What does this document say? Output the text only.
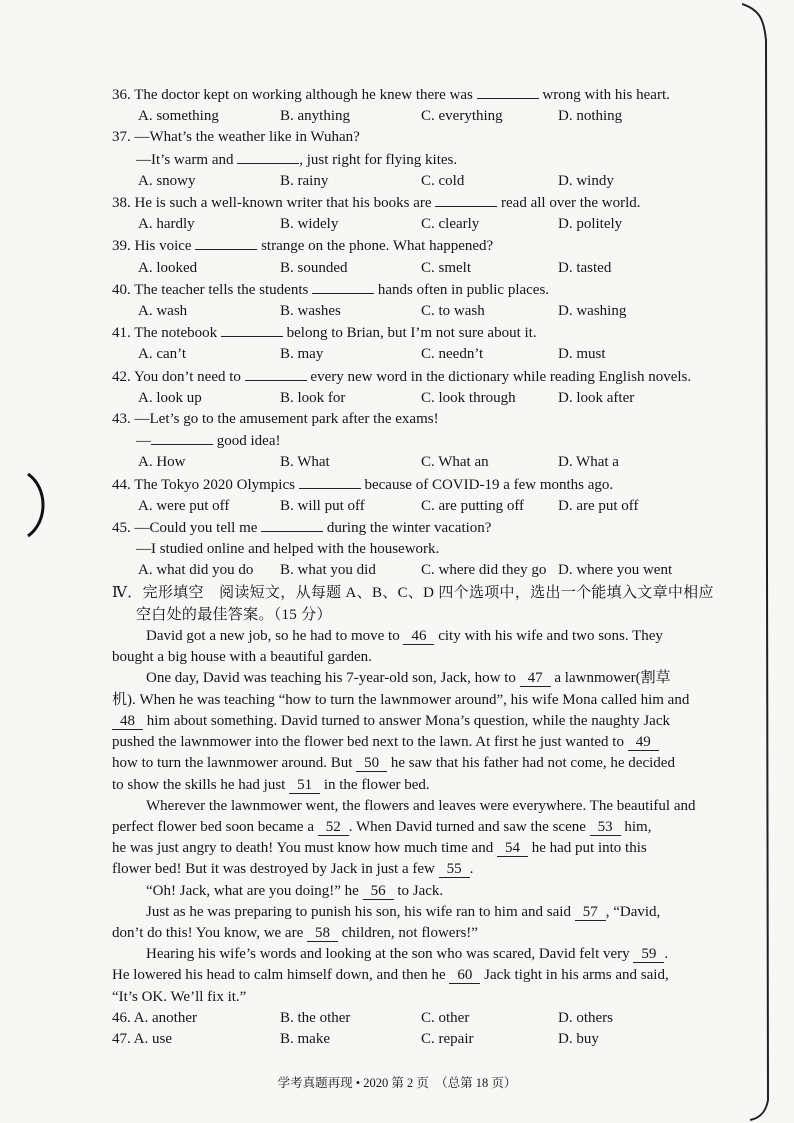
36. The doctor kept on working although he knew there was	wrong with his heart.
A. something	B. anything	C. everything	D. nothing
37. —What’s the weather like in Wuhan?
—It’s warm and	, just right for flying kites.
A. snowy	B. rainy	C. cold	D. windy
38. He is such a well-known writer that his books are	read all over the world.
A. hardly	B. widely	C. clearly	D. politely
39. His voice	strange on the phone. What happened?
A. looked	B. sounded	C. smelt	D. tasted
40. The teacher tells the students	hands often in public places.
A. wash	B. washes	C. to wash	D. washing
41. The notebook	belong to Brian, but I’m not sure about it.
A. can’t	B. may	C. needn’t	D. must
42. You don’t need to	every new word in the dictionary while reading English novels.
A. look up	B. look for	C. look through	D. look after
43. —Let’s go to the amusement park after the exams!
—	good idea!
A. How	B. What	C. What an	D. What a
44. The Tokyo 2020 Olympics	because of COVID-19 a few months ago.
A. were put off	B. will put off	C. are putting off	D. are put off
45. —Could you tell me	during the winter vacation?
—I studied online and helped with the housework.
A. what did you do	B. what you did	C. where did they go D. where you went
Ⅳ．完形填空　阅读短文，从每题 A、B、C、D 四个选项中，选出一个能填入文章中相应
空白处的最佳答案。（15 分）
David got a new job, so he had to move to 46 city with his wife and two sons. They
bought a big house with a beautiful garden.
One day, David was teaching his 7-year-old son, Jack, how to 47 a lawnmower(割草
机). When he was teaching “how to turn the lawnmower around”, his wife Mona called him and
48 him about something. David turned to answer Mona’s question, while the naughty Jack
pushed the lawnmower into the flower bed next to the lawn. At first he just wanted to 49
how to turn the lawnmower around. But 50 he saw that his father had not come, he decided
to show the skills he had just 51 in the flower bed.
Wherever the lawnmower went, the flowers and leaves were everywhere. The beautiful and
perfect flower bed soon became a 52 . When David turned and saw the scene 53 him,
he was just angry to death! You must know how much time and 54 he had put into this
flower bed! But it was destroyed by Jack in just a few 55 .
“Oh! Jack, what are you doing!” he 56 to Jack.
Just as he was preparing to punish his son, his wife ran to him and said 57 , “David,
don’t do this! You know, we are 58 children, not flowers!”
Hearing his wife’s words and looking at the son who was scared, David felt very 59 .
He lowered his head to calm himself down, and then he 60 Jack tight in his arms and said,
“It’s OK. We’ll fix it.”
46. A. another	B. the other	C. other	D. others
47. A. use	B. make	C. repair	D. buy
学考真题再现 • 2020 第 2 页　（总第 18 页）
